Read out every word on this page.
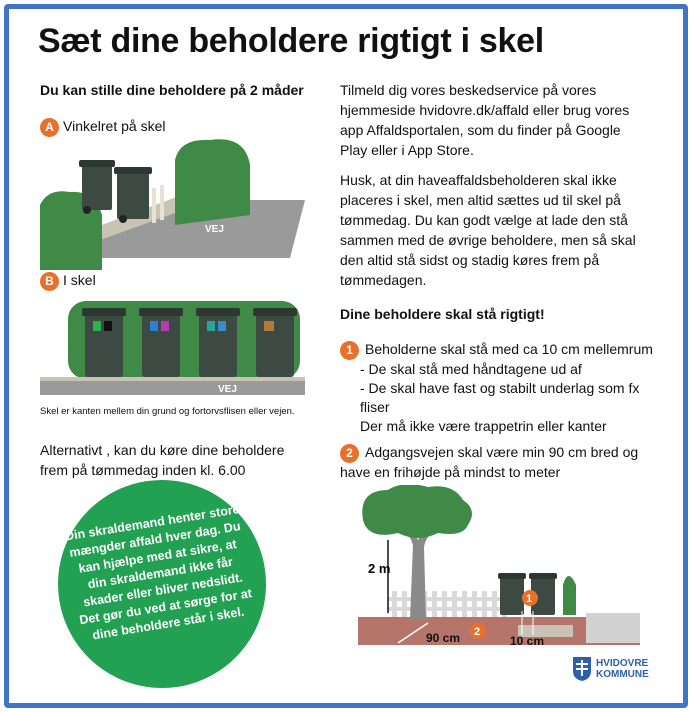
Sæt dine beholdere rigtigt i skel
Du kan stille dine beholdere på 2 måder
A Vinkelret på skel
VEJ
B I skel
VEJ
Skel er kanten mellem din grund og fortorvsflisen eller vejen.
Alternativt , kan du køre dine beholdere frem på tømmedag inden kl. 6.00
Din skraldemand henter store mængder affald hver dag. Du kan hjælpe med at sikre, at din skraldemand ikke får skader eller bliver nedslidt. Det gør du ved at sørge for at dine beholdere står i skel.

Tilmeld dig vores beskedservice på vores hjemmeside hvidovre.dk/affald eller brug vores app Affaldsportalen, som du finder på Google Play eller i App Store.

Husk, at din haveaffaldsbeholderen skal ikke placeres i skel, men altid sættes ud til skel på tømmedag. Du kan godt vælge at lade den stå sammen med de øvrige beholdere, men så skal den altid stå sidst og stadig køres frem på tømmedagen.

Dine beholdere skal stå rigtigt!
1 Beholderne skal stå med ca 10 cm mellemrum
- De skal stå med håndtagene ud af
- De skal have fast og stabilt underlag som fx fliser
Der må ikke være trappetrin eller kanter
2 Adgangsvejen skal være min 90 cm bred og have en frihøjde på mindst to meter
2 m
90 cm 2
1
10 cm
HVIDOVRE
KOMMUNE
